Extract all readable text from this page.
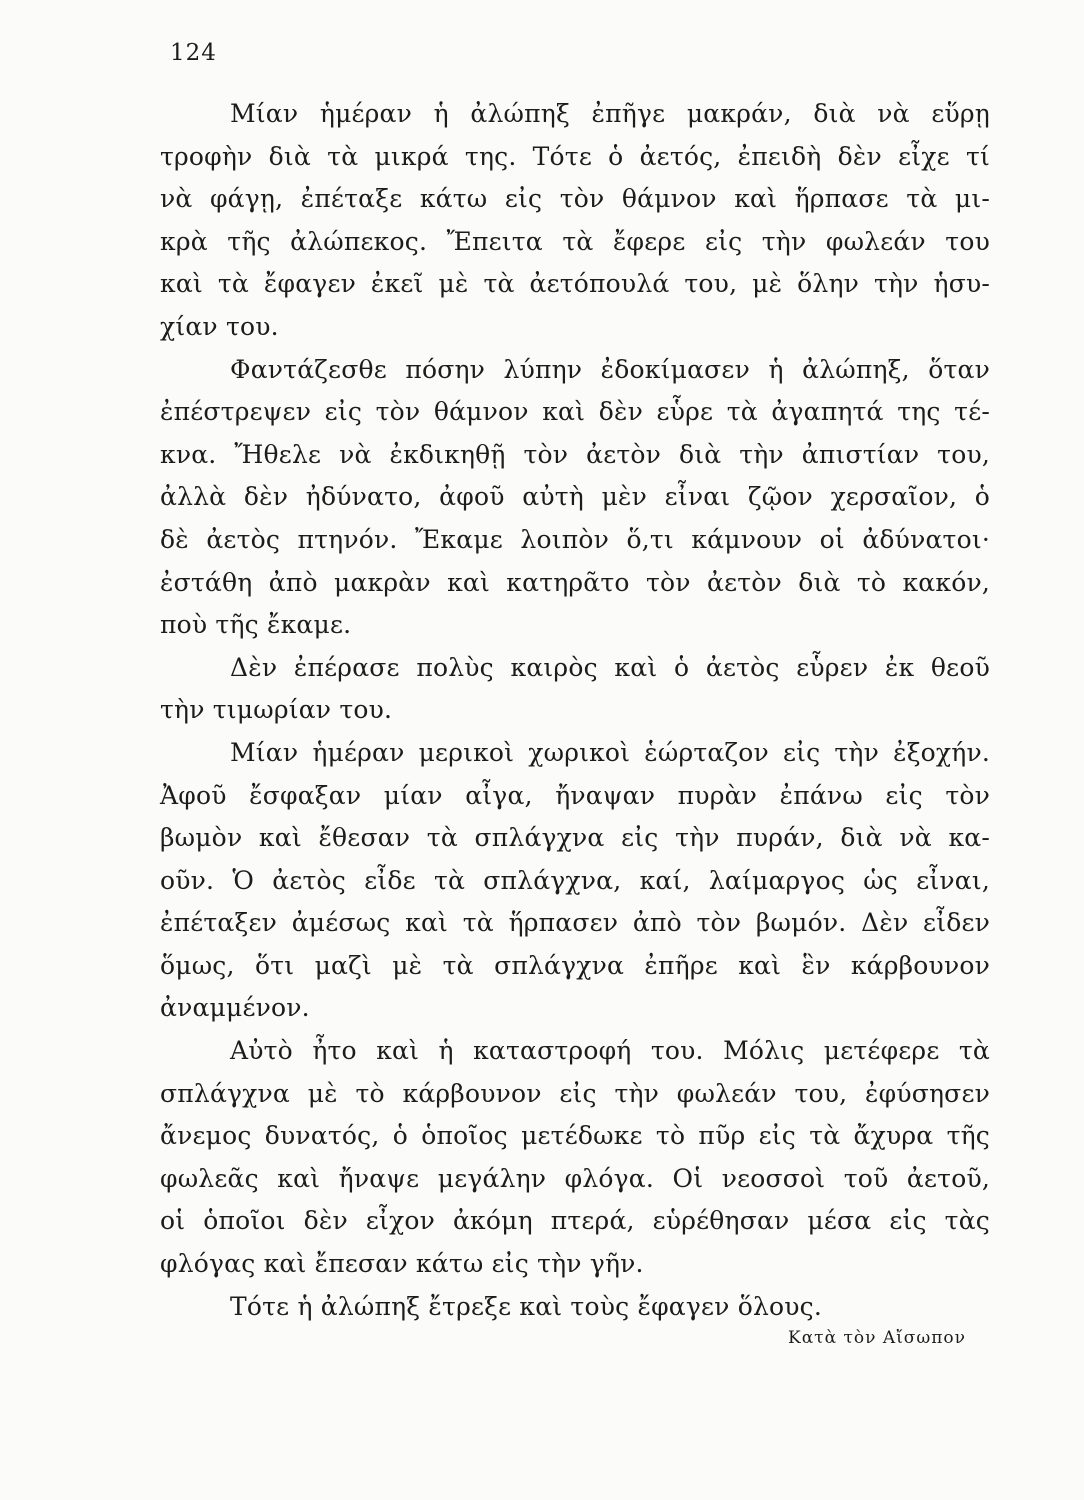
124
Μίαν ἡμέραν ἡ ἀλώπηξ ἐπῆγε μακράν, διὰ νὰ εὕρῃ
τροφὴν διὰ τὰ μικρά της. Τότε ὁ ἀετός, ἐπειδὴ δὲν εἶχε τί
νὰ φάγῃ, ἐπέταξε κάτω εἰς τὸν θάμνον καὶ ἥρπασε τὰ μι-
κρὰ τῆς ἀλώπεκος. Ἔπειτα τὰ ἔφερε εἰς τὴν φωλεάν του
καὶ τὰ ἔφαγεν ἐκεῖ μὲ τὰ ἀετόπουλά του, μὲ ὅλην τὴν ἡσυ-
χίαν του.
Φαντάζεσθε πόσην λύπην ἐδοκίμασεν ἡ ἀλώπηξ, ὅταν
ἐπέστρεψεν εἰς τὸν θάμνον καὶ δὲν εὗρε τὰ ἀγαπητά της τέ-
κνα. Ἤθελε νὰ ἐκδικηθῇ τὸν ἀετὸν διὰ τὴν ἀπιστίαν του,
ἀλλὰ δὲν ἠδύνατο, ἀφοῦ αὐτὴ μὲν εἶναι ζῷον χερσαῖον, ὁ
δὲ ἀετὸς πτηνόν. Ἔκαμε λοιπὸν ὅ,τι κάμνουν οἱ ἀδύνατοι·
ἐστάθη ἀπὸ μακρὰν καὶ κατηρᾶτο τὸν ἀετὸν διὰ τὸ κακόν,
ποὺ τῆς ἔκαμε.
Δὲν ἐπέρασε πολὺς καιρὸς καὶ ὁ ἀετὸς εὗρεν ἐκ θεοῦ
τὴν τιμωρίαν του.
Μίαν ἡμέραν μερικοὶ χωρικοὶ ἑώρταζον εἰς τὴν ἐξοχήν.
Ἀφοῦ ἔσφαξαν μίαν αἶγα, ἤναψαν πυρὰν ἐπάνω εἰς τὸν
βωμὸν καὶ ἔθεσαν τὰ σπλάγχνα εἰς τὴν πυράν, διὰ νὰ κα-
οῦν. Ὁ ἀετὸς εἶδε τὰ σπλάγχνα, καί, λαίμαργος ὡς εἶναι,
ἐπέταξεν ἀμέσως καὶ τὰ ἥρπασεν ἀπὸ τὸν βωμόν. Δὲν εἶδεν
ὅμως, ὅτι μαζὶ μὲ τὰ σπλάγχνα ἐπῆρε καὶ ἓν κάρβουνον
ἀναμμένον.
Αὐτὸ ἦτο καὶ ἡ καταστροφή του. Μόλις μετέφερε τὰ
σπλάγχνα μὲ τὸ κάρβουνον εἰς τὴν φωλεάν του, ἐφύσησεν
ἄνεμος δυνατός, ὁ ὁποῖος μετέδωκε τὸ πῦρ εἰς τὰ ἄχυρα τῆς
φωλεᾶς καὶ ἤναψε μεγάλην φλόγα. Οἱ νεοσσοὶ τοῦ ἀετοῦ,
οἱ ὁποῖοι δὲν εἶχον ἀκόμη πτερά, εὑρέθησαν μέσα εἰς τὰς
φλόγας καὶ ἔπεσαν κάτω εἰς τὴν γῆν.
Τότε ἡ ἀλώπηξ ἔτρεξε καὶ τοὺς ἔφαγεν ὅλους.
Κατὰ τὸν Αἴσωπον
